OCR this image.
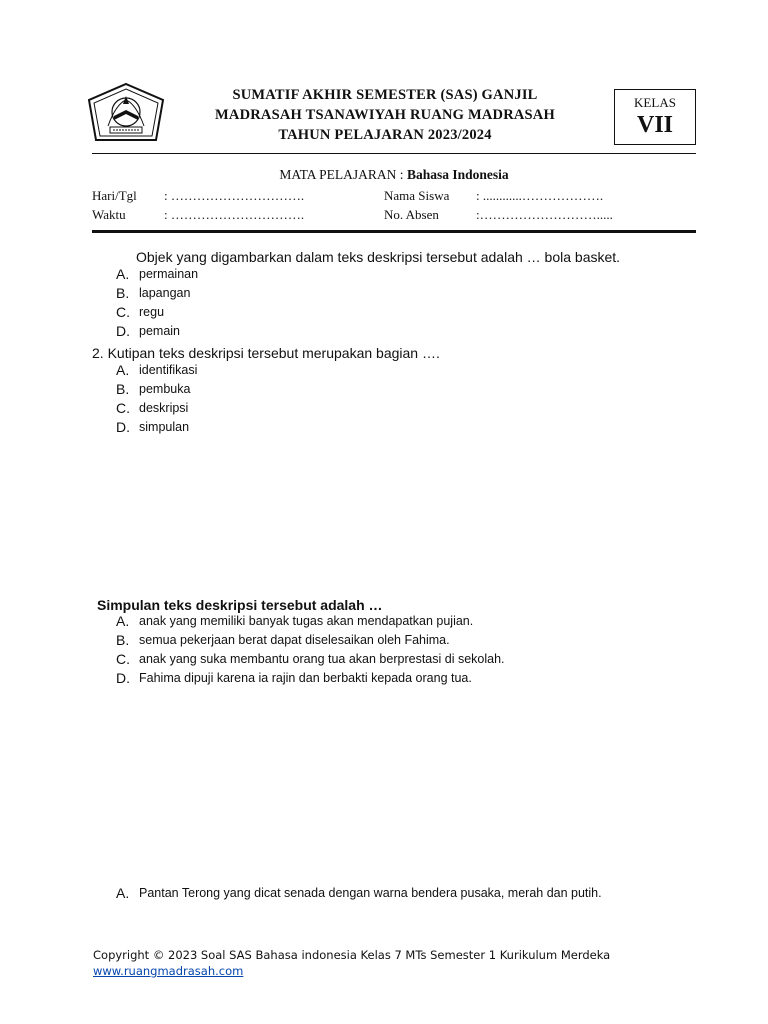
SUMATIF AKHIR SEMESTER (SAS) GANJIL
MADRASAH TSANAWIYAH RUANG MADRASAH
TAHUN PELAJARAN 2023/2024
KELAS
VII
MATA PELAJARAN : Bahasa Indonesia
Hari/Tgl : ………………………….	Nama Siswa : ............……………….
Waktu	: ………………………….	No. Absen	:……………………….....
Objek yang digambarkan dalam teks deskripsi tersebut adalah … bola basket.
A. permainan
B. lapangan
C. regu
D. pemain
2. Kutipan teks deskripsi tersebut merupakan bagian ….
A. identifikasi
B. pembuka
C. deskripsi
D. simpulan
Simpulan teks deskripsi tersebut adalah …
A. anak yang memiliki banyak tugas akan mendapatkan pujian.
B. semua pekerjaan berat dapat diselesaikan oleh Fahima.
C. anak yang suka membantu orang tua akan berprestasi di sekolah.
D. Fahima dipuji karena ia rajin dan berbakti kepada orang tua.
A. Pantan Terong yang dicat senada dengan warna bendera pusaka, merah dan putih.
Copyright © 2023 Soal SAS Bahasa indonesia Kelas 7 MTs Semester 1 Kurikulum Merdeka
www.ruangmadrasah.com
